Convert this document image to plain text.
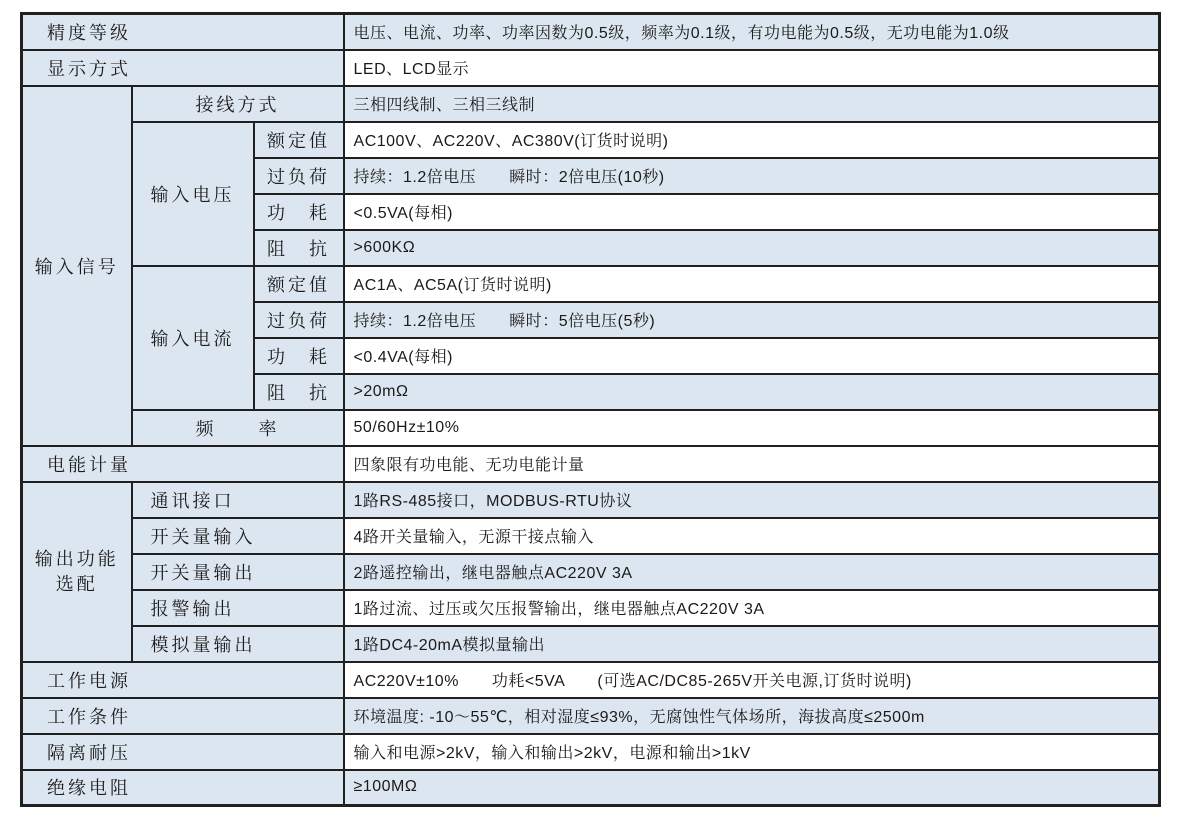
精度等级			电压、电流、功率、功率因数为0.5级，频率为0.1级，有功电能为0.5级，无功电能为1.0级
显示方式			LED、LCD显示
输入信号	接线方式		三相四线制、三相三线制
	输入电压	额定值	AC100V、AC220V、AC380V(订货时说明)
		过负荷	持续：1.2倍电压　　瞬时：2倍电压(10秒)
		功　耗	<0.5VA(每相)
		阻　抗	>600KΩ
	输入电流	额定值	AC1A、AC5A(订货时说明)
		过负荷	持续：1.2倍电压　　瞬时：5倍电压(5秒)
		功　耗	<0.4VA(每相)
		阻　抗	>20mΩ
	频　　率		50/60Hz±10%
电能计量			四象限有功电能、无功电能计量

输出功能
选配	通讯接口		1路RS-485接口，MODBUS-RTU协议
	开关量输入		4路开关量输入，无源干接点输入
	开关量输出		2路遥控输出，继电器触点AC220V 3A
	报警输出		1路过流、过压或欠压报警输出，继电器触点AC220V 3A
	模拟量输出		1路DC4-20mA模拟量输出
工作电源			AC220V±10%　　功耗<5VA　　(可选AC/DC85-265V开关电源,订货时说明)
工作条件			环境温度: -10～55℃，相对湿度≤93%，无腐蚀性气体场所，海拔高度≤2500m
隔离耐压			输入和电源>2kV，输入和输出>2kV，电源和输出>1kV
绝缘电阻			≥100MΩ
